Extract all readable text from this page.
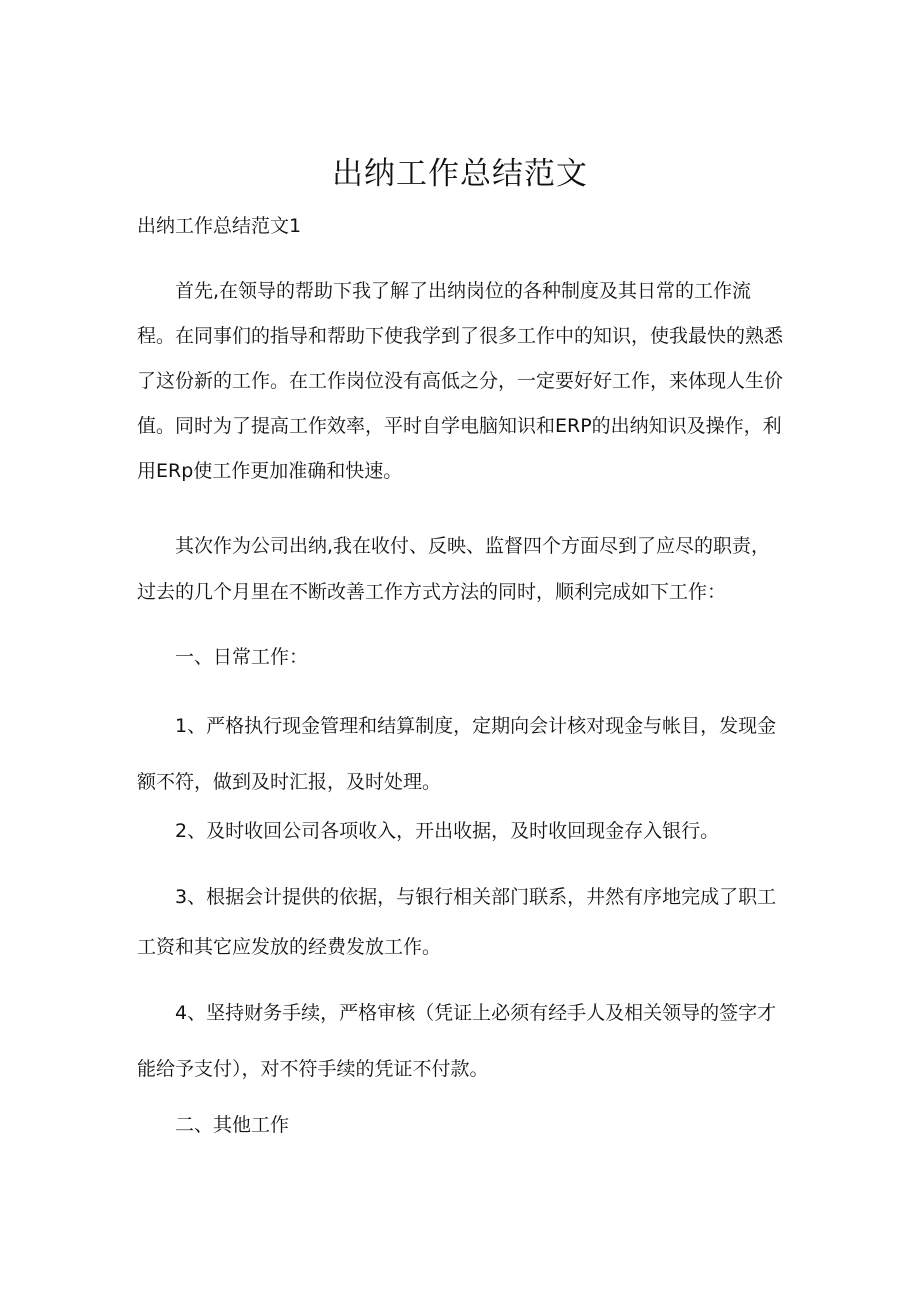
出纳工作总结范文

出纳工作总结范文1

首先,在领导的帮助下我了解了出纳岗位的各种制度及其日常的工作流程。在同事们的指导和帮助下使我学到了很多工作中的知识，使我最快的熟悉了这份新的工作。在工作岗位没有高低之分，一定要好好工作，来体现人生价值。同时为了提高工作效率，平时自学电脑知识和ERP的出纳知识及操作，利用ERp使工作更加准确和快速。

其次作为公司出纳,我在收付、反映、监督四个方面尽到了应尽的职责，过去的几个月里在不断改善工作方式方法的同时，顺利完成如下工作：

一、日常工作：

1、严格执行现金管理和结算制度，定期向会计核对现金与帐目，发现金额不符，做到及时汇报，及时处理。

2、及时收回公司各项收入，开出收据，及时收回现金存入银行。

3、根据会计提供的依据，与银行相关部门联系，井然有序地完成了职工工资和其它应发放的经费发放工作。

4、坚持财务手续，严格审核（凭证上必须有经手人及相关领导的签字才能给予支付），对不符手续的凭证不付款。

二、其他工作
